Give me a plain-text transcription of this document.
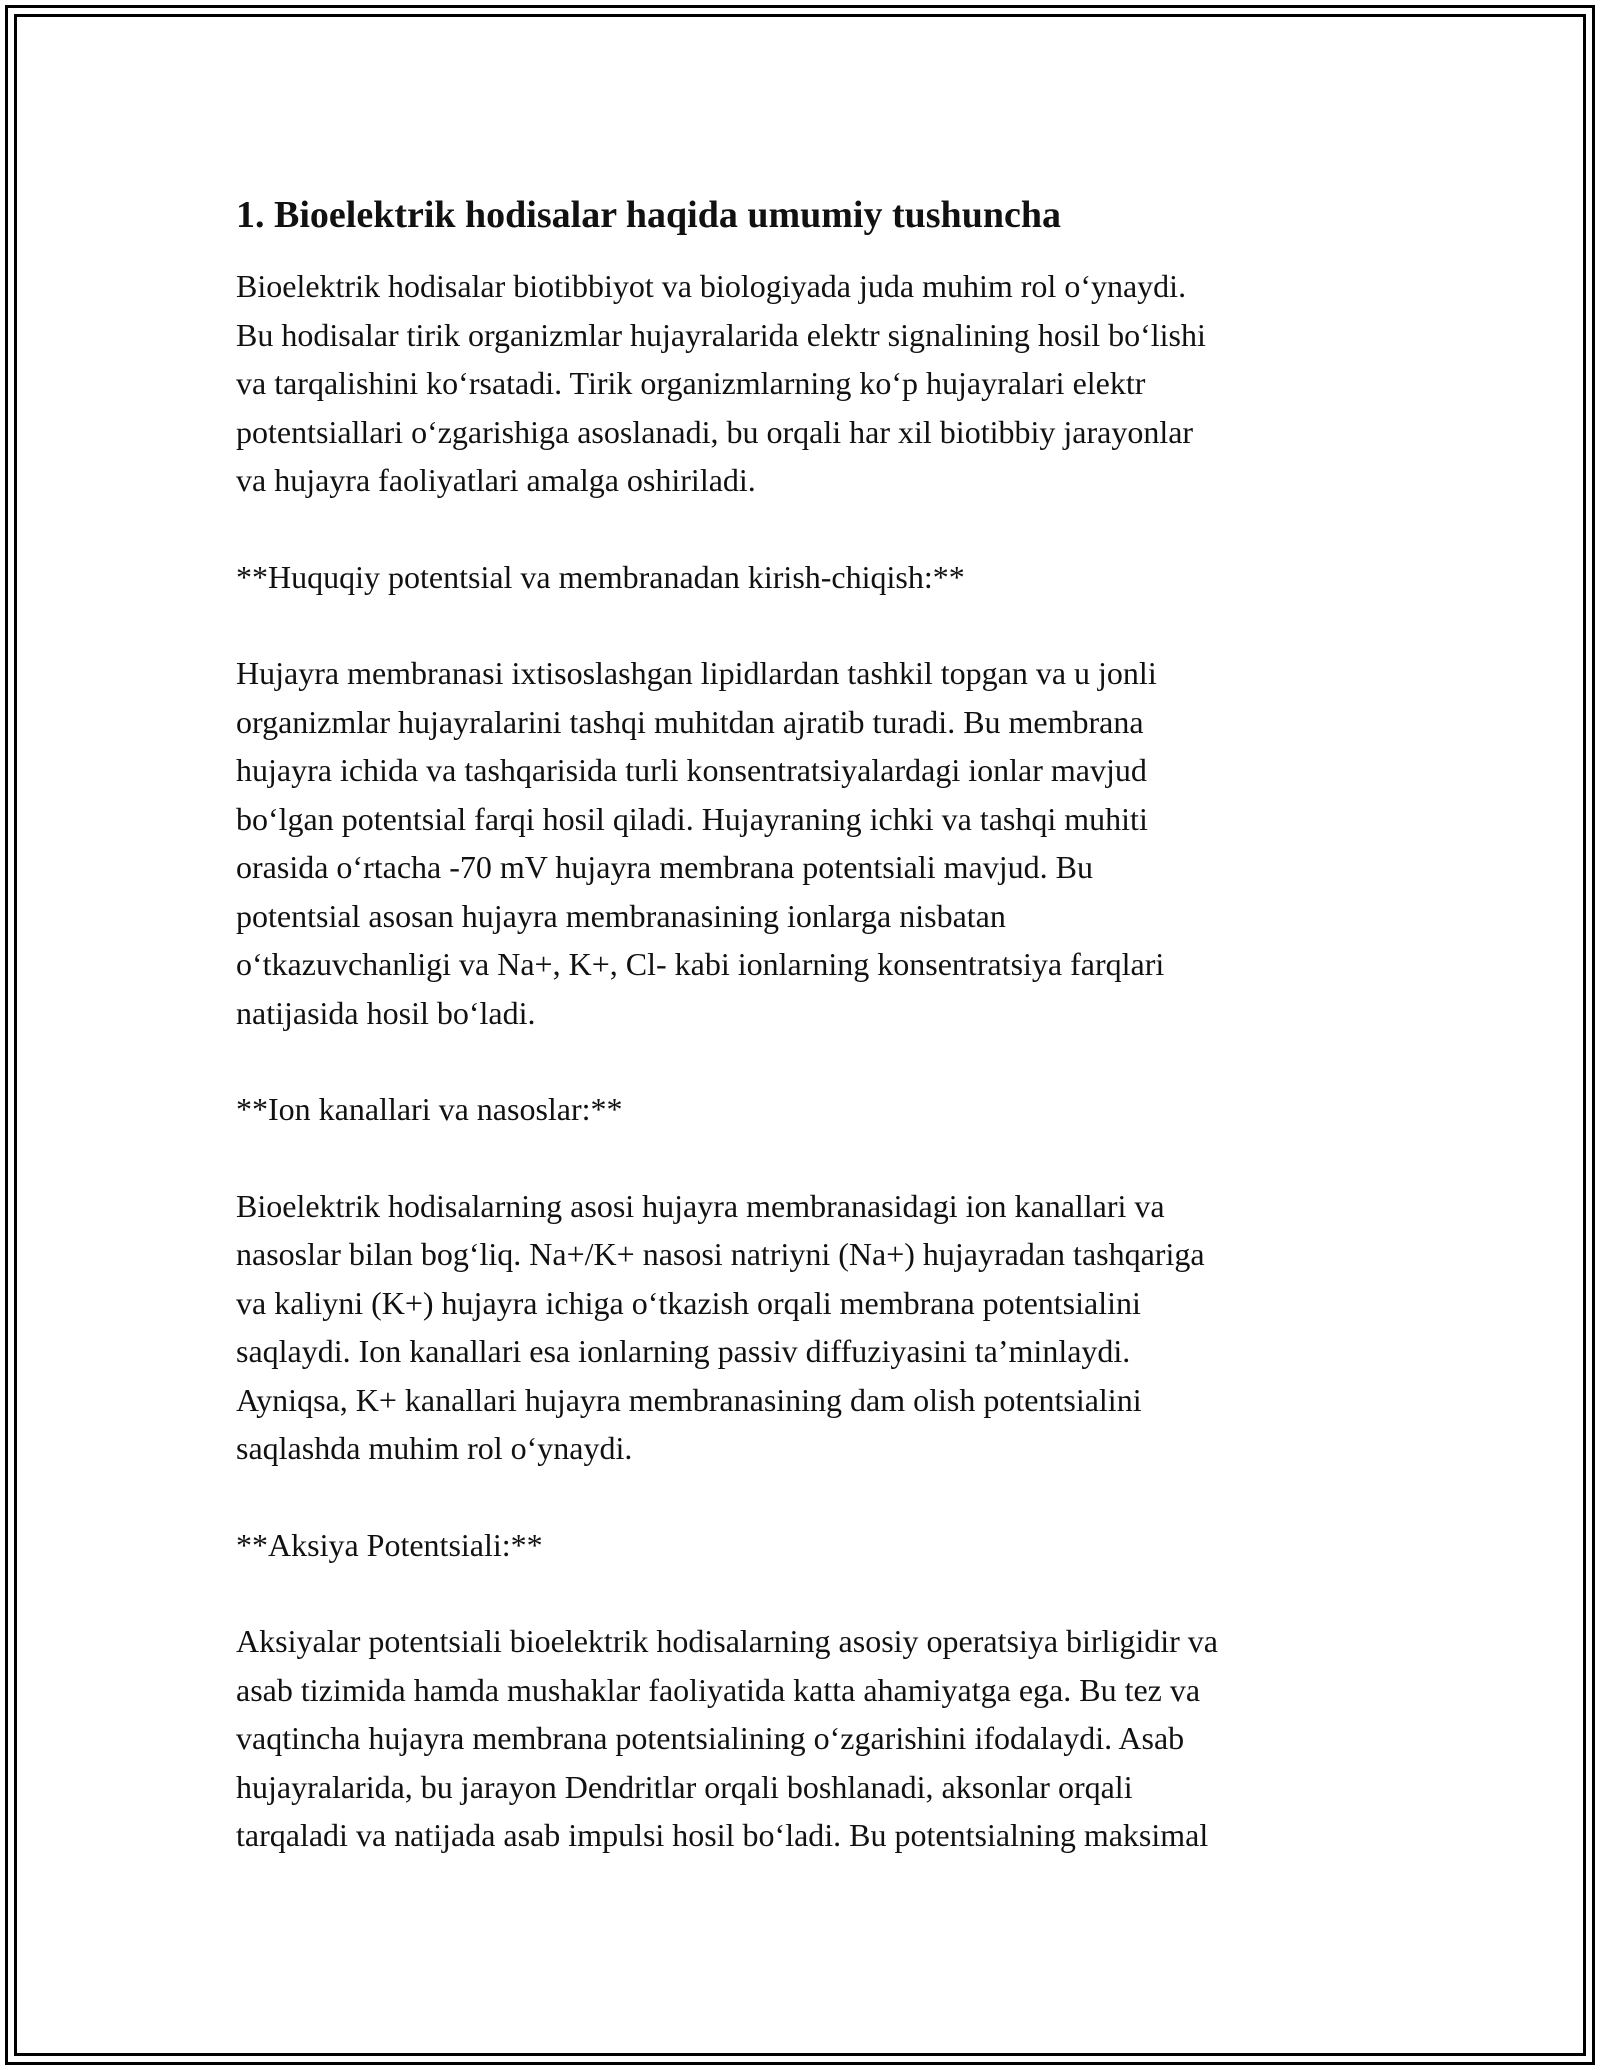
1. Bioelektrik hodisalar haqida umumiy tushuncha
Bioelektrik hodisalar biotibbiyot va biologiyada juda muhim rol o‘ynaydi.
Bu hodisalar tirik organizmlar hujayralarida elektr signalining hosil bo‘lishi
va tarqalishini ko‘rsatadi. Tirik organizmlarning ko‘p hujayralari elektr
potentsiallari o‘zgarishiga asoslanadi, bu orqali har xil biotibbiy jarayonlar
va hujayra faoliyatlari amalga oshiriladi.
**Huquqiy potentsial va membranadan kirish-chiqish:**
Hujayra membranasi ixtisoslashgan lipidlardan tashkil topgan va u jonli
organizmlar hujayralarini tashqi muhitdan ajratib turadi. Bu membrana
hujayra ichida va tashqarisida turli konsentratsiyalardagi ionlar mavjud
bo‘lgan potentsial farqi hosil qiladi. Hujayraning ichki va tashqi muhiti
orasida o‘rtacha -70 mV hujayra membrana potentsiali mavjud. Bu
potentsial asosan hujayra membranasining ionlarga nisbatan
o‘tkazuvchanligi va Na+, K+, Cl- kabi ionlarning konsentratsiya farqlari
natijasida hosil bo‘ladi.
**Ion kanallari va nasoslar:**
Bioelektrik hodisalarning asosi hujayra membranasidagi ion kanallari va
nasoslar bilan bog‘liq. Na+/K+ nasosi natriyni (Na+) hujayradan tashqariga
va kaliyni (K+) hujayra ichiga o‘tkazish orqali membrana potentsialini
saqlaydi. Ion kanallari esa ionlarning passiv diffuziyasini ta’minlaydi.
Ayniqsa, K+ kanallari hujayra membranasining dam olish potentsialini
saqlashda muhim rol o‘ynaydi.
**Aksiya Potentsiali:**
Aksiyalar potentsiali bioelektrik hodisalarning asosiy operatsiya birligidir va
asab tizimida hamda mushaklar faoliyatida katta ahamiyatga ega. Bu tez va
vaqtincha hujayra membrana potentsialining o‘zgarishini ifodalaydi. Asab
hujayralarida, bu jarayon Dendritlar orqali boshlanadi, aksonlar orqali
tarqaladi va natijada asab impulsi hosil bo‘ladi. Bu potentsialning maksimal
